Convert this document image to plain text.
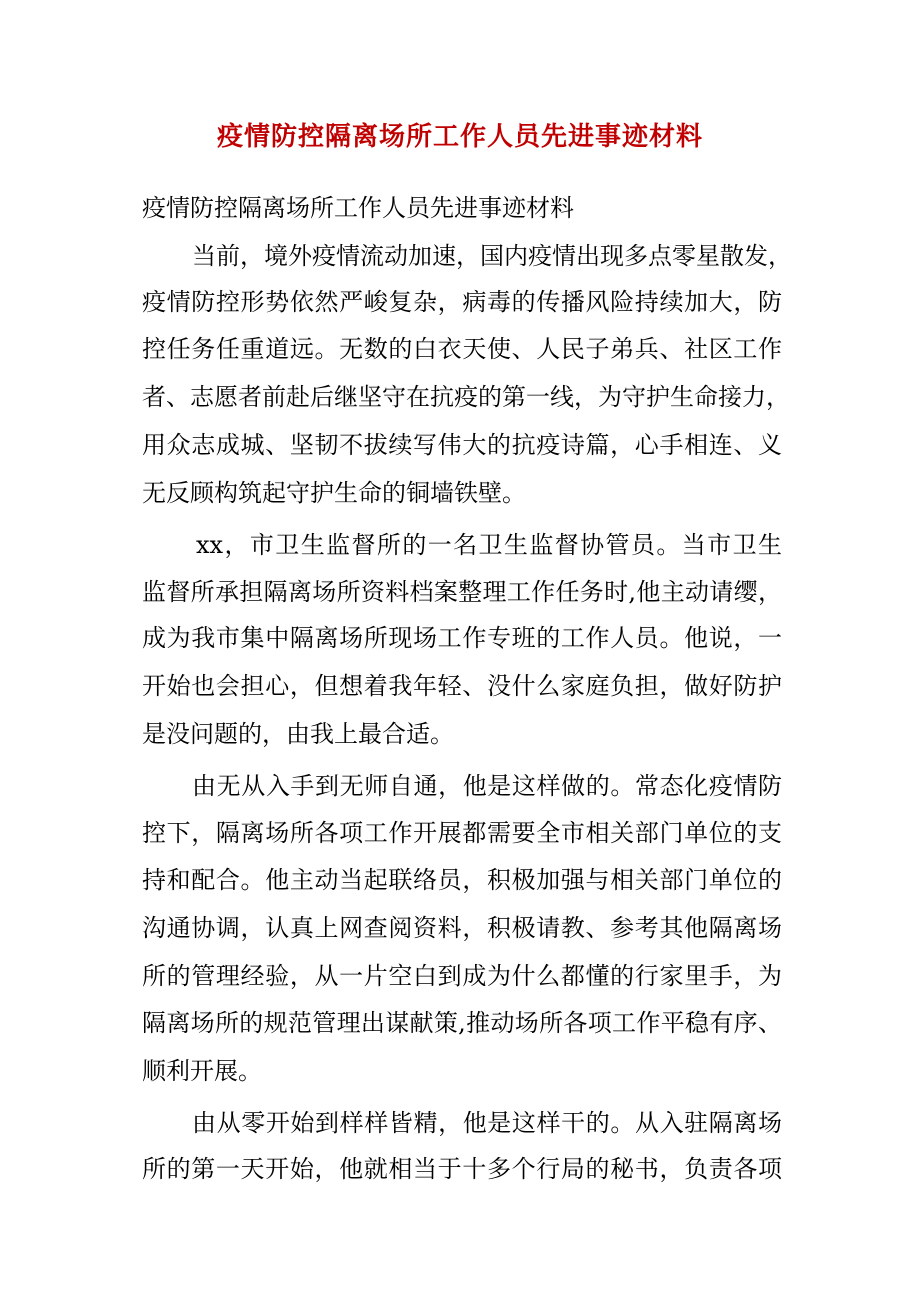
疫情防控隔离场所工作人员先进事迹材料
疫情防控隔离场所工作人员先进事迹材料
当前，境外疫情流动加速，国内疫情出现多点零星散发，
疫情防控形势依然严峻复杂，病毒的传播风险持续加大，防
控任务任重道远。无数的白衣天使、人民子弟兵、社区工作
者、志愿者前赴后继坚守在抗疫的第一线，为守护生命接力，
用众志成城、坚韧不拔续写伟大的抗疫诗篇，心手相连、义
无反顾构筑起守护生命的铜墙铁壁。
xx，市卫生监督所的一名卫生监督协管员。当市卫生
监督所承担隔离场所资料档案整理工作任务时,他主动请缨，
成为我市集中隔离场所现场工作专班的工作人员。他说，一
开始也会担心，但想着我年轻、没什么家庭负担，做好防护
是没问题的，由我上最合适。
由无从入手到无师自通，他是这样做的。常态化疫情防
控下，隔离场所各项工作开展都需要全市相关部门单位的支
持和配合。他主动当起联络员，积极加强与相关部门单位的
沟通协调，认真上网查阅资料，积极请教、参考其他隔离场
所的管理经验，从一片空白到成为什么都懂的行家里手，为
隔离场所的规范管理出谋献策,推动场所各项工作平稳有序、
顺利开展。
由从零开始到样样皆精，他是这样干的。从入驻隔离场
所的第一天开始，他就相当于十多个行局的秘书，负责各项
